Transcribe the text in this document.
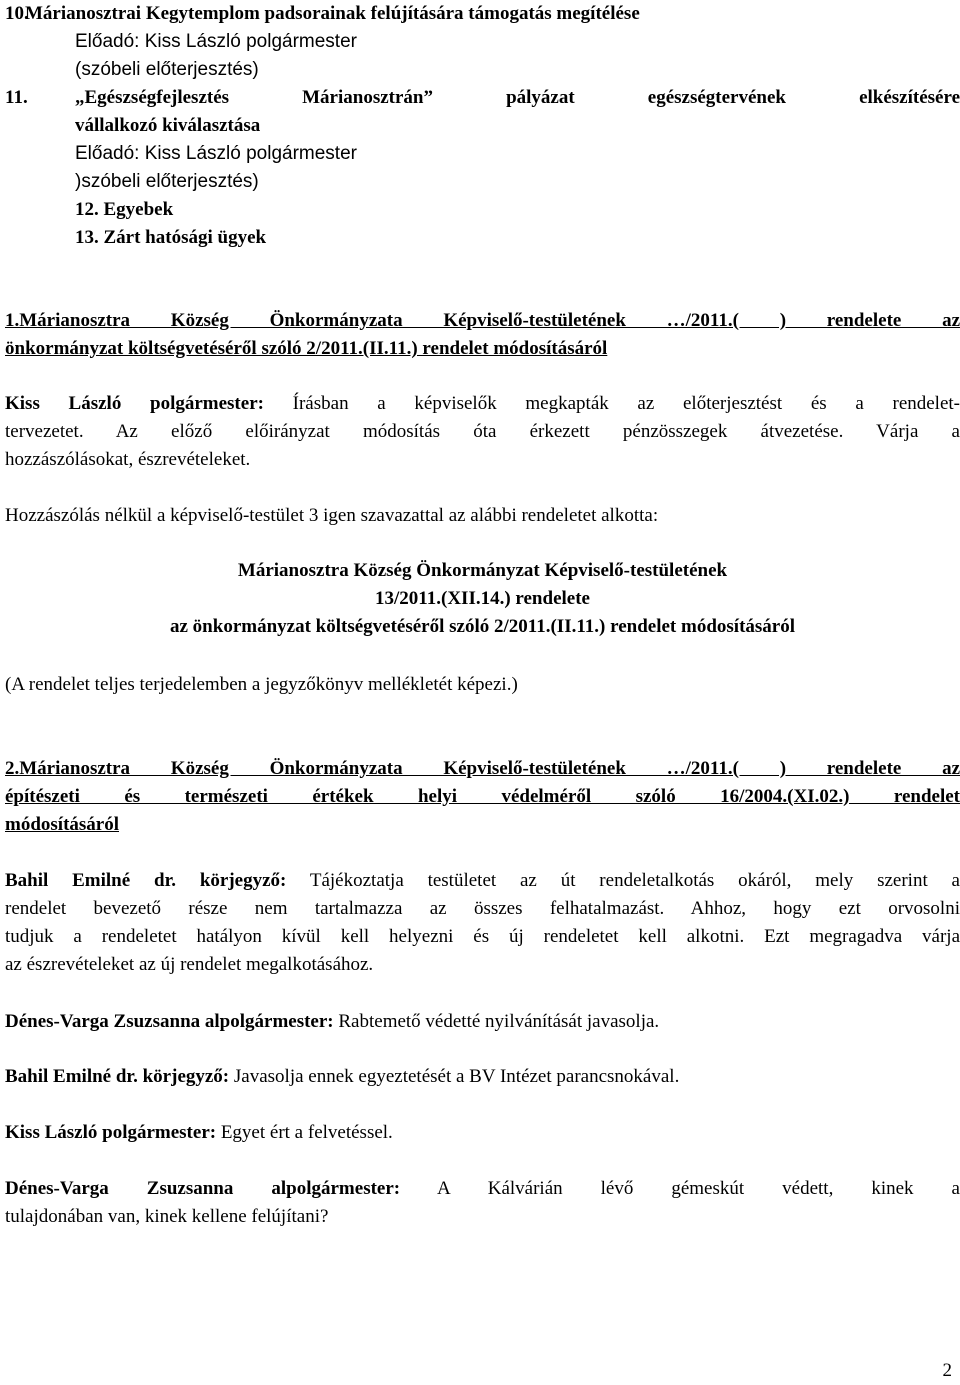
10.Márianosztrai Kegytemplom padsorainak felújítására támogatás megítélése
Előadó: Kiss László polgármester
(szóbeli előterjesztés)
11.	„Egészségfejlesztés Márianosztrán” pályázat egészségtervének elkészítésére
vállalkozó kiválasztása
Előadó: Kiss László polgármester
)szóbeli előterjesztés)
12. Egyebek
13. Zárt hatósági ügyek
1.Márianosztra Község Önkormányzata Képviselő-testületének …/2011.( ) rendelete az
önkormányzat költségvetéséről szóló 2/2011.(II.11.) rendelet módosításáról
Kiss László polgármester: Írásban a képviselők megkapták az előterjesztést és a rendelet-
tervezetet. Az előző előirányzat módosítás óta érkezett pénzösszegek átvezetése. Várja a
hozzászólásokat, észrevételeket.
Hozzászólás nélkül a képviselő-testület 3 igen szavazattal az alábbi rendeletet alkotta:
Márianosztra Község Önkormányzat Képviselő-testületének
13/2011.(XII.14.) rendelete
az önkormányzat költségvetéséről szóló 2/2011.(II.11.) rendelet módosításáról
(A rendelet teljes terjedelemben a jegyzőkönyv mellékletét képezi.)
2.Márianosztra Község Önkormányzata Képviselő-testületének …/2011.( ) rendelete az
építészeti és természeti értékek helyi védelméről szóló 16/2004.(XI.02.) rendelet
módosításáról
Bahil Emilné dr. körjegyző: Tájékoztatja testületet az út rendeletalkotás okáról, mely szerint a
rendelet bevezető része nem tartalmazza az összes felhatalmazást. Ahhoz, hogy ezt orvosolni
tudjuk a rendeletet hatályon kívül kell helyezni és új rendeletet kell alkotni. Ezt megragadva várja
az észrevételeket az új rendelet megalkotásához.
Dénes-Varga Zsuzsanna alpolgármester: Rabtemető védetté nyilvánítását javasolja.
Bahil Emilné dr. körjegyző: Javasolja ennek egyeztetését a BV Intézet parancsnokával.
Kiss László polgármester: Egyet ért a felvetéssel.
Dénes-Varga Zsuzsanna alpolgármester: A Kálvárián lévő gémeskút védett, kinek a
tulajdonában van, kinek kellene felújítani?
2
